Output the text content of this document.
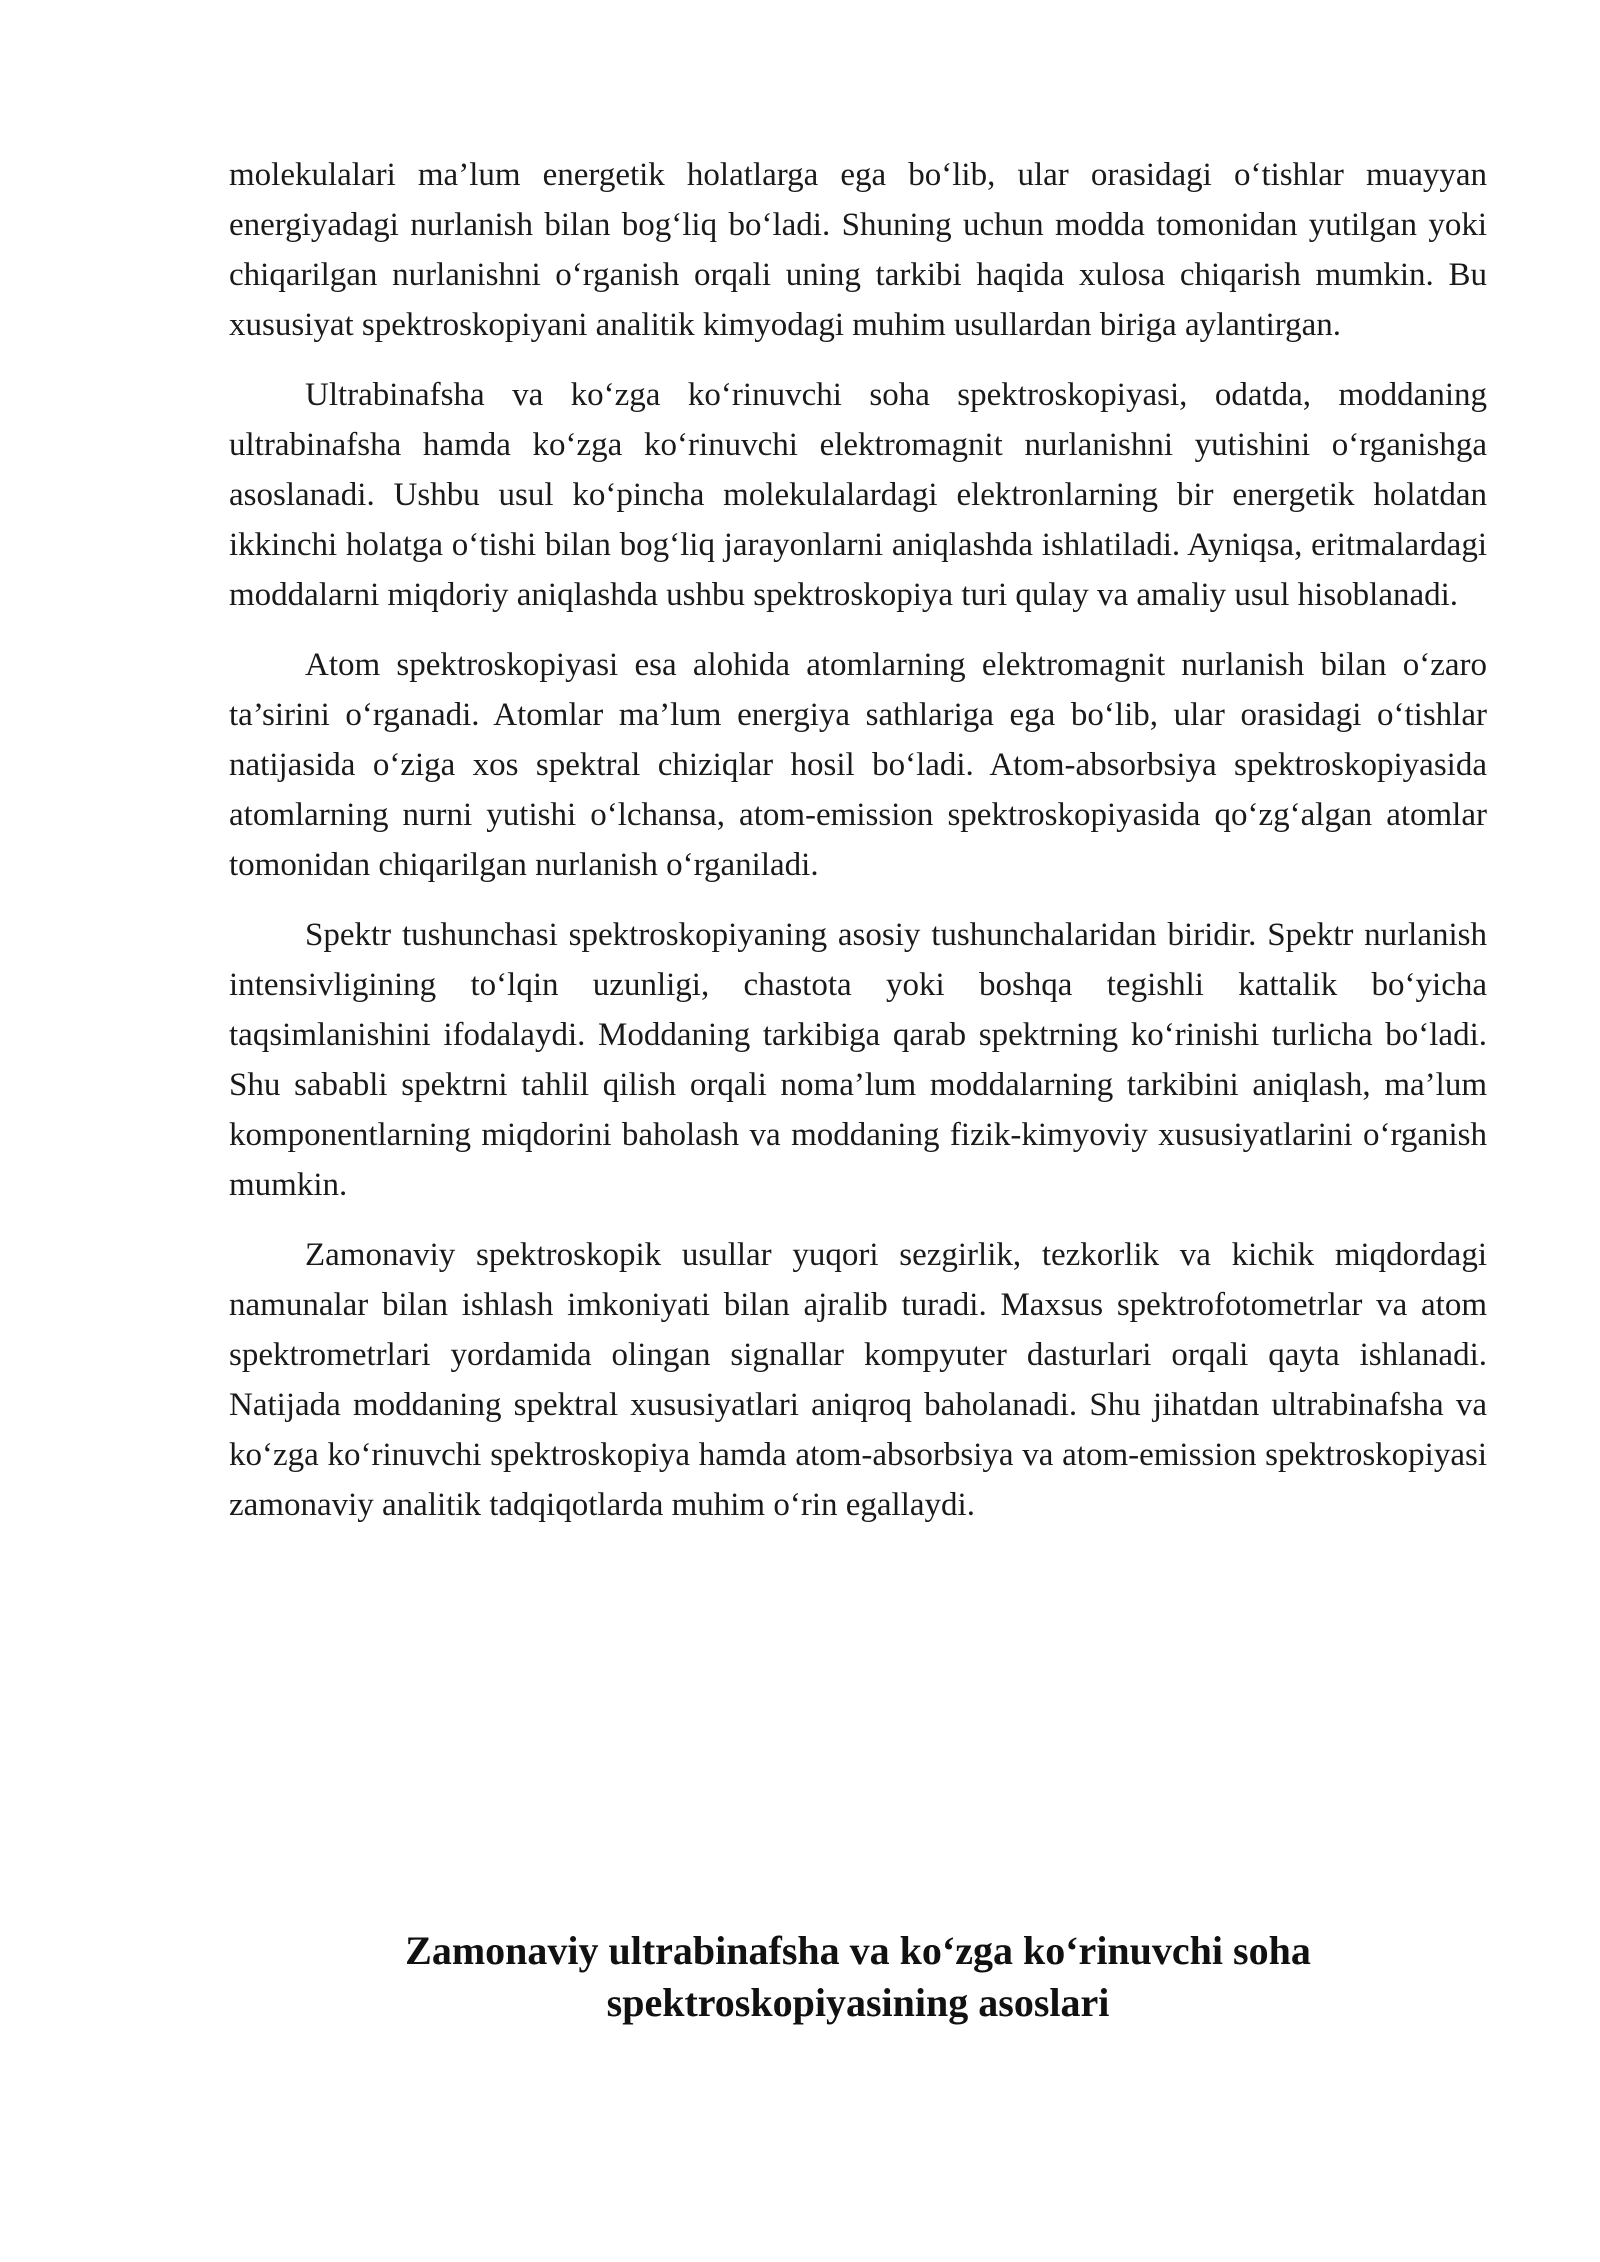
molekulalari ma’lum energetik holatlarga ega bo‘lib, ular orasidagi o‘tishlar muayyan energiyadagi nurlanish bilan bog‘liq bo‘ladi. Shuning uchun modda tomonidan yutilgan yoki chiqarilgan nurlanishni o‘rganish orqali uning tarkibi haqida xulosa chiqarish mumkin. Bu xususiyat spektroskopiyani analitik kimyodagi muhim usullardan biriga aylantirgan.

Ultrabinafsha va ko‘zga ko‘rinuvchi soha spektroskopiyasi, odatda, moddaning ultrabinafsha hamda ko‘zga ko‘rinuvchi elektromagnit nurlanishni yutishini o‘rganishga asoslanadi. Ushbu usul ko‘pincha molekulalardagi elektronlarning bir energetik holatdan ikkinchi holatga o‘tishi bilan bog‘liq jarayonlarni aniqlashda ishlatiladi. Ayniqsa, eritmalardagi moddalarni miqdoriy aniqlashda ushbu spektroskopiya turi qulay va amaliy usul hisoblanadi.

Atom spektroskopiyasi esa alohida atomlarning elektromagnit nurlanish bilan o‘zaro ta’sirini o‘rganadi. Atomlar ma’lum energiya sathlariga ega bo‘lib, ular orasidagi o‘tishlar natijasida o‘ziga xos spektral chiziqlar hosil bo‘ladi. Atom-absorbsiya spektroskopiyasida atomlarning nurni yutishi o‘lchansa, atom-emission spektroskopiyasida qo‘zg‘algan atomlar tomonidan chiqarilgan nurlanish o‘rganiladi.

Spektr tushunchasi spektroskopiyaning asosiy tushunchalaridan biridir. Spektr nurlanish intensivligining to‘lqin uzunligi, chastota yoki boshqa tegishli kattalik bo‘yicha taqsimlanishini ifodalaydi. Moddaning tarkibiga qarab spektrning ko‘rinishi turlicha bo‘ladi. Shu sababli spektrni tahlil qilish orqali noma’lum moddalarning tarkibini aniqlash, ma’lum komponentlarning miqdorini baholash va moddaning fizik-kimyoviy xususiyatlarini o‘rganish mumkin.

Zamonaviy spektroskopik usullar yuqori sezgirlik, tezkorlik va kichik miqdordagi namunalar bilan ishlash imkoniyati bilan ajralib turadi. Maxsus spektrofotometrlar va atom spektrometrlari yordamida olingan signallar kompyuter dasturlari orqali qayta ishlanadi. Natijada moddaning spektral xususiyatlari aniqroq baholanadi. Shu jihatdan ultrabinafsha va ko‘zga ko‘rinuvchi spektroskopiya hamda atom-absorbsiya va atom-emission spektroskopiyasi zamonaviy analitik tadqiqotlarda muhim o‘rin egallaydi.

Zamonaviy ultrabinafsha va ko‘zga ko‘rinuvchi soha
spektroskopiyasining asoslari
